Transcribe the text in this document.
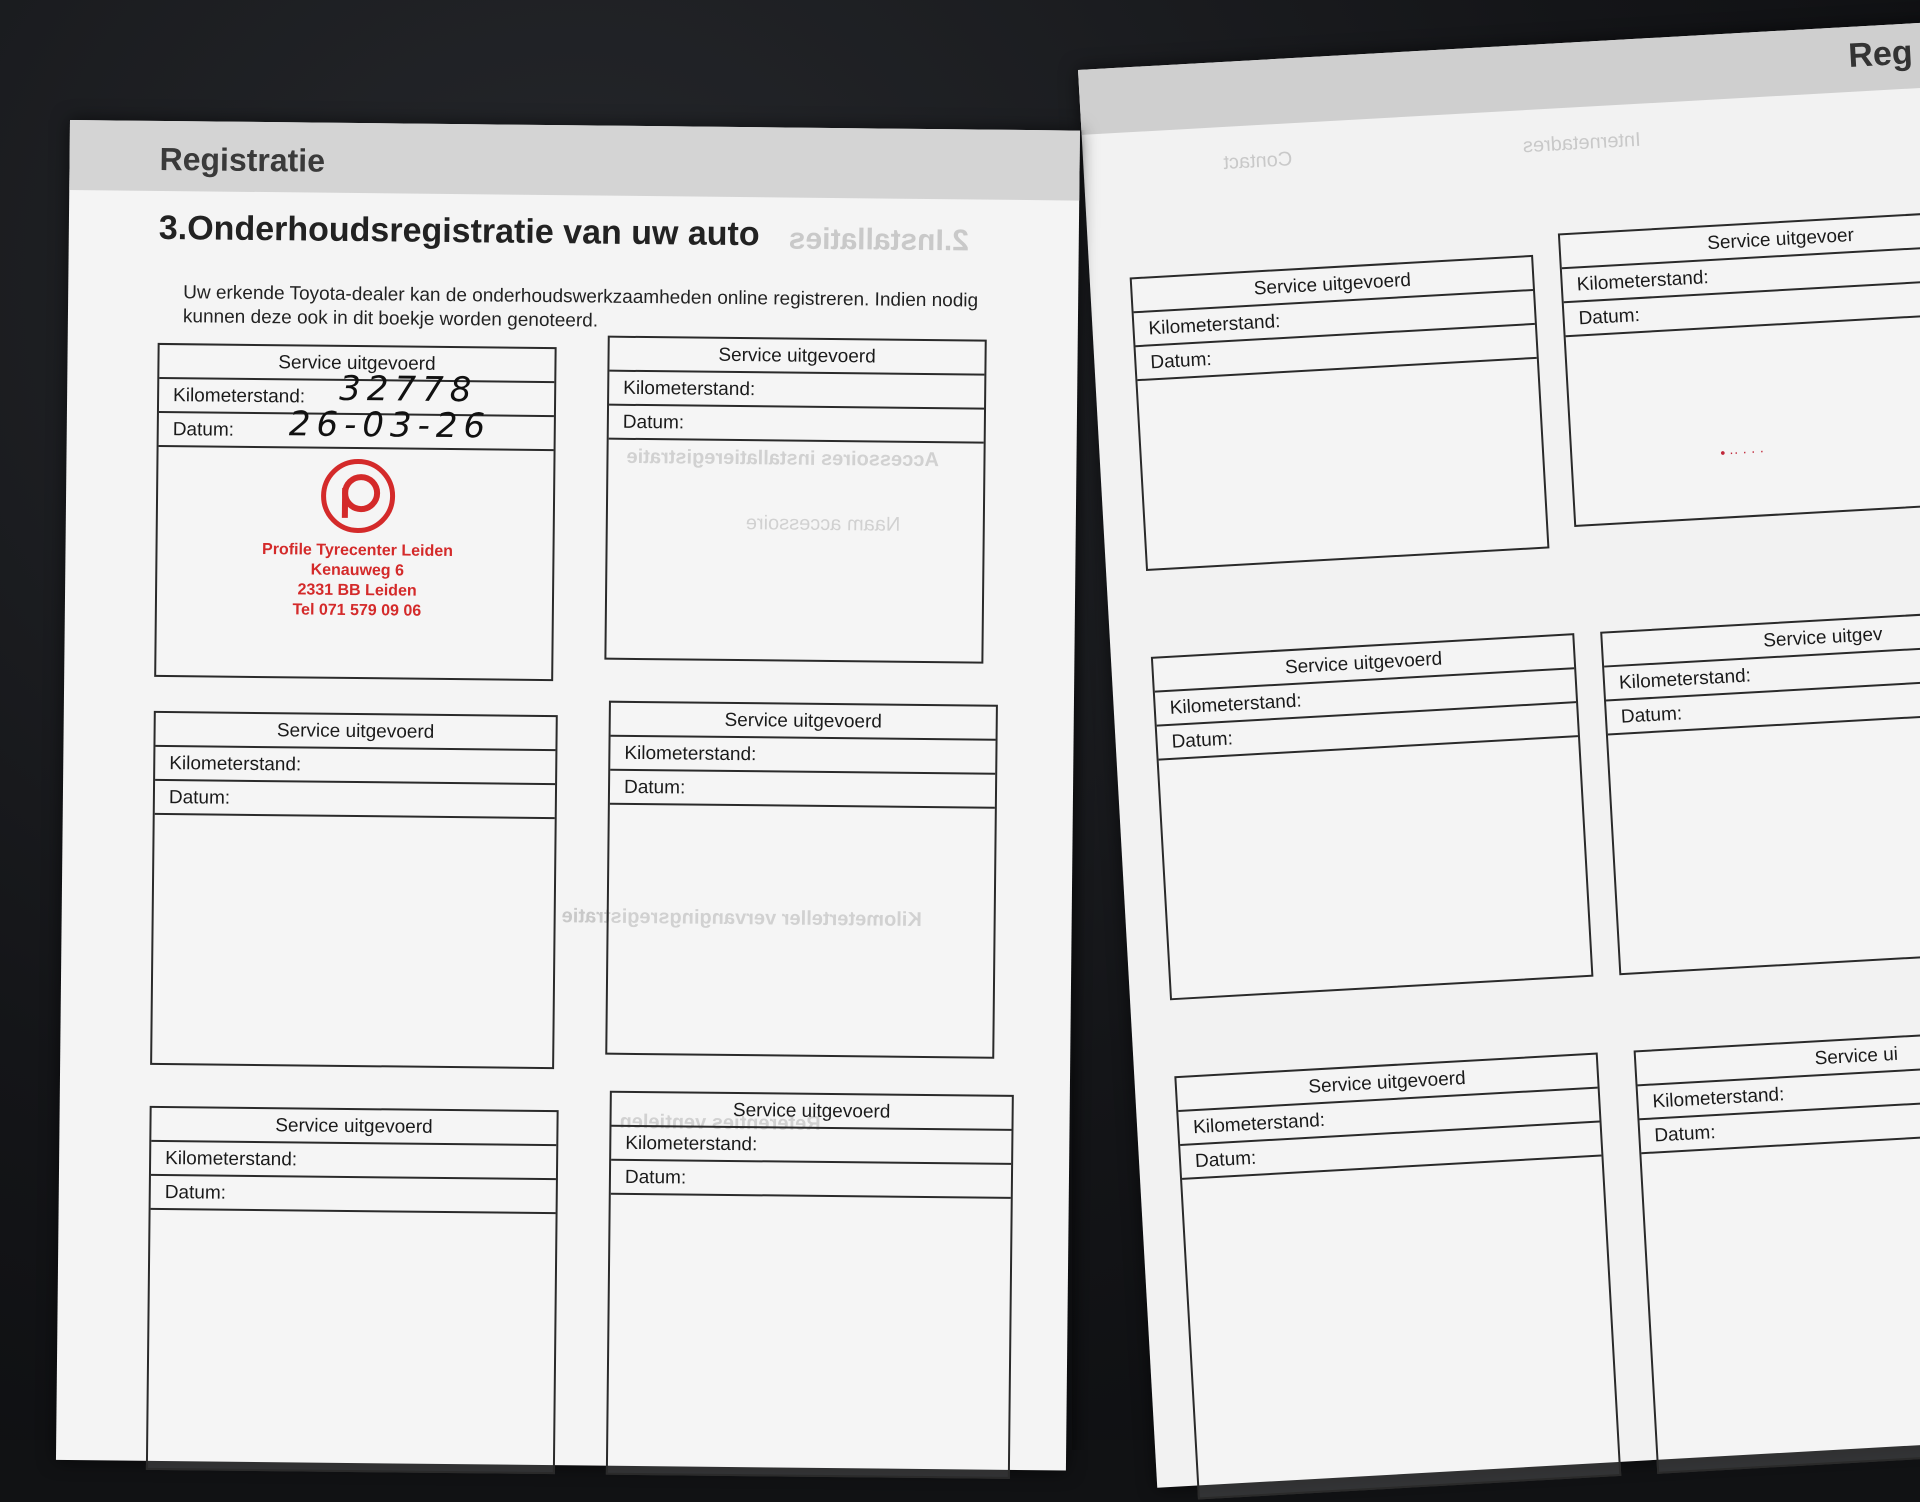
Reg
Contact
Internetadres
Service uitgevoerd
Kilometerstand:
Datum:
Service uitgevoer
Kilometerstand:
Datum:
Service uitgevoerd
Kilometerstand:
Datum:
Service uitgev
Kilometerstand:
Datum:
Service uitgevoerd
Kilometerstand:
Datum:
Service ui
Kilometerstand:
Datum:
• ·· · · ·
Registratie
3.Onderhoudsregistratie van uw auto
Uw erkende Toyota-dealer kan de onderhoudswerkzaamheden online registreren. Indien nodig kunnen deze ook in dit boekje worden genoteerd.
2.Installaties
Accessoires installatieregistratie
Naam accessoire
Kilometerteller vervangingsregistratie
Referenties ventielen
Service uitgevoerd
Kilometerstand:
Datum:
32778
26-03-26
Profile Tyrecenter Leiden
Kenauweg 6
2331 BB Leiden
Tel 071 579 09 06
Service uitgevoerd
Kilometerstand:
Datum:
Service uitgevoerd
Kilometerstand:
Datum:
Service uitgevoerd
Kilometerstand:
Datum:
Service uitgevoerd
Kilometerstand:
Datum:
Service uitgevoerd
Kilometerstand:
Datum:
